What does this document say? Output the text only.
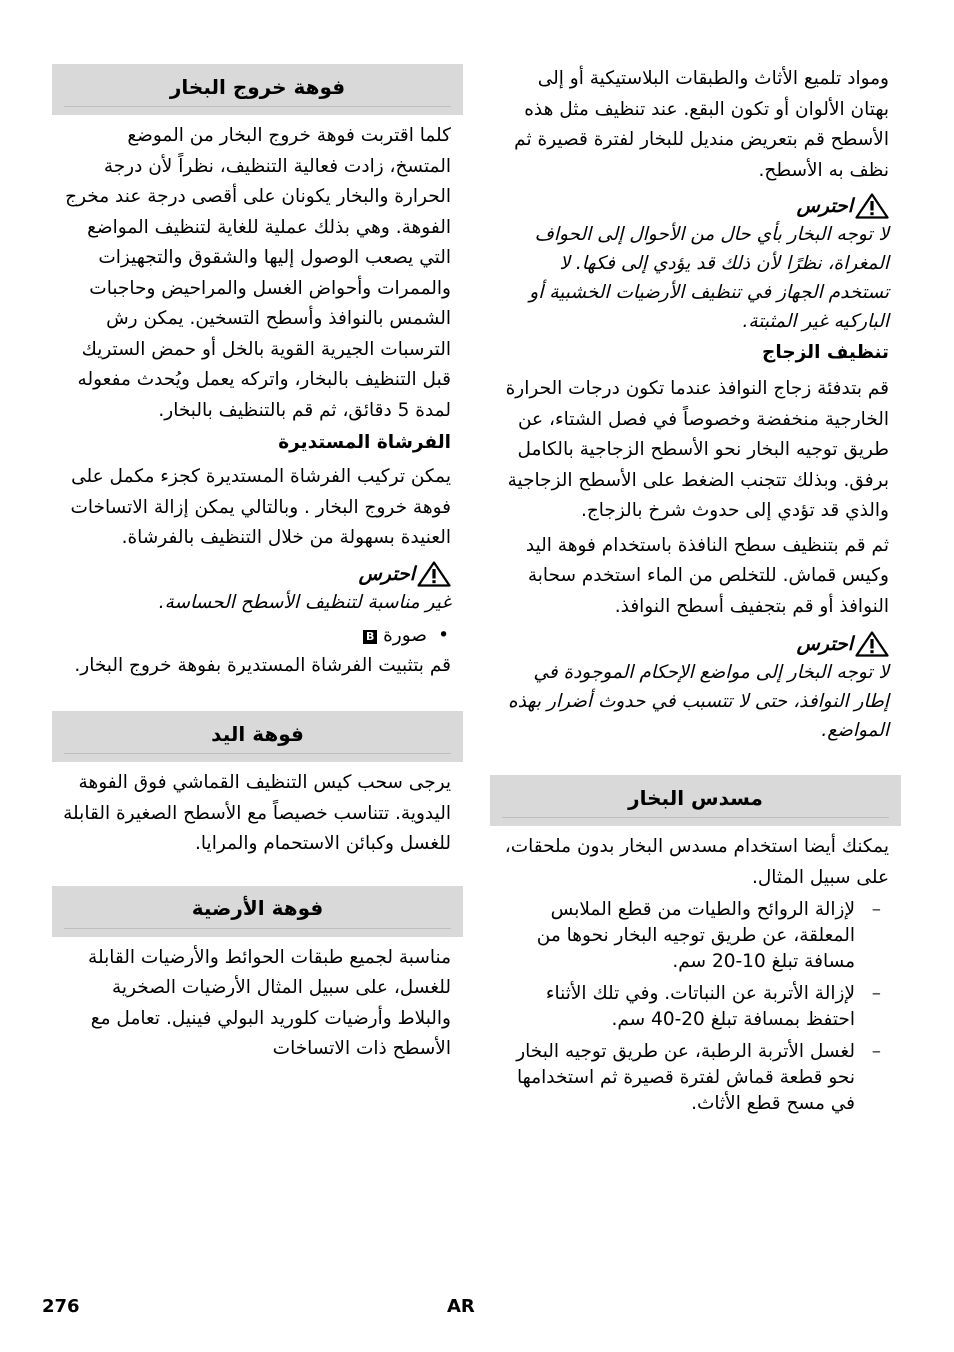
فوهة خروج البخار

كلما اقتربت فوهة خروج البخار من الموضع المتسخ، زادت فعالية التنظيف، نظراً لأن درجة الحرارة والبخار يكونان على أقصى درجة عند مخرج الفوهة. وهي بذلك عملية للغاية لتنظيف المواضع التي يصعب الوصول إليها والشقوق والتجهيزات والممرات وأحواض الغسل والمراحيض وحاجبات الشمس بالنوافذ وأسطح التسخين. يمكن رش الترسبات الجيرية القوية بالخل أو حمض الستريك قبل التنظيف بالبخار، واتركه يعمل ويُحدث مفعوله لمدة 5 دقائق، ثم قم بالتنظيف بالبخار.

الفرشاة المستديرة

يمكن تركيب الفرشاة المستديرة كجزء مكمل على فوهة خروج البخار . وبالتالي يمكن إزالة الاتساخات العنيدة بسهولة من خلال التنظيف بالفرشاة.

احترس

غير مناسبة لتنظيف الأسطح الحساسة.

•
صورة B

قم بتثبيت الفرشاة المستديرة بفوهة خروج البخار.

فوهة اليد

يرجى سحب كيس التنظيف القماشي فوق الفوهة اليدوية. تتناسب خصيصاً مع الأسطح الصغيرة القابلة للغسل وكبائن الاستحمام والمرايا.

فوهة الأرضية

مناسبة لجميع طبقات الحوائط والأرضيات القابلة للغسل، على سبيل المثال الأرضيات الصخرية والبلاط وأرضيات كلوريد البولي فينيل. تعامل مع الأسطح ذات الاتساخات

ومواد تلميع الأثاث والطبقات البلاستيكية أو إلى بهتان الألوان أو تكون البقع. عند تنظيف مثل هذه الأسطح قم بتعريض منديل للبخار لفترة قصيرة ثم نظف به الأسطح.

احترس

لا توجه البخار بأي حال من الأحوال إلى الحواف المغراة، نظرًا لأن ذلك قد يؤدي إلى فكها. لا تستخدم الجهاز في تنظيف الأرضيات الخشبية أو الباركيه غير المثبتة.

تنظيف الزجاج

قم بتدفئة زجاج النوافذ عندما تكون درجات الحرارة الخارجية منخفضة وخصوصاً في فصل الشتاء، عن طريق توجيه البخار نحو الأسطح الزجاجية بالكامل برفق. وبذلك تتجنب الضغط على الأسطح الزجاجية والذي قد تؤدي إلى حدوث شرخ بالزجاج.

ثم قم بتنظيف سطح النافذة باستخدام فوهة اليد وكيس قماش. للتخلص من الماء استخدم سحابة النوافذ أو قم بتجفيف أسطح النوافذ.

احترس

لا توجه البخار إلى مواضع الإحكام الموجودة في إطار النوافذ، حتى لا تتسبب في حدوث أضرار بهذه المواضع.

مسدس البخار

يمكنك أيضا استخدام مسدس البخار بدون ملحقات، على سبيل المثال.

–
لإزالة الروائح والطيات من قطع الملابس المعلقة، عن طريق توجيه البخار نحوها من مسافة تبلغ 10-20 سم.
–
لإزالة الأتربة عن النباتات. وفي تلك الأثناء احتفظ بمسافة تبلغ 20-40 سم.
–
لغسل الأتربة الرطبة، عن طريق توجيه البخار نحو قطعة قماش لفترة قصيرة ثم استخدامها في مسح قطع الأثاث.
276	AR
